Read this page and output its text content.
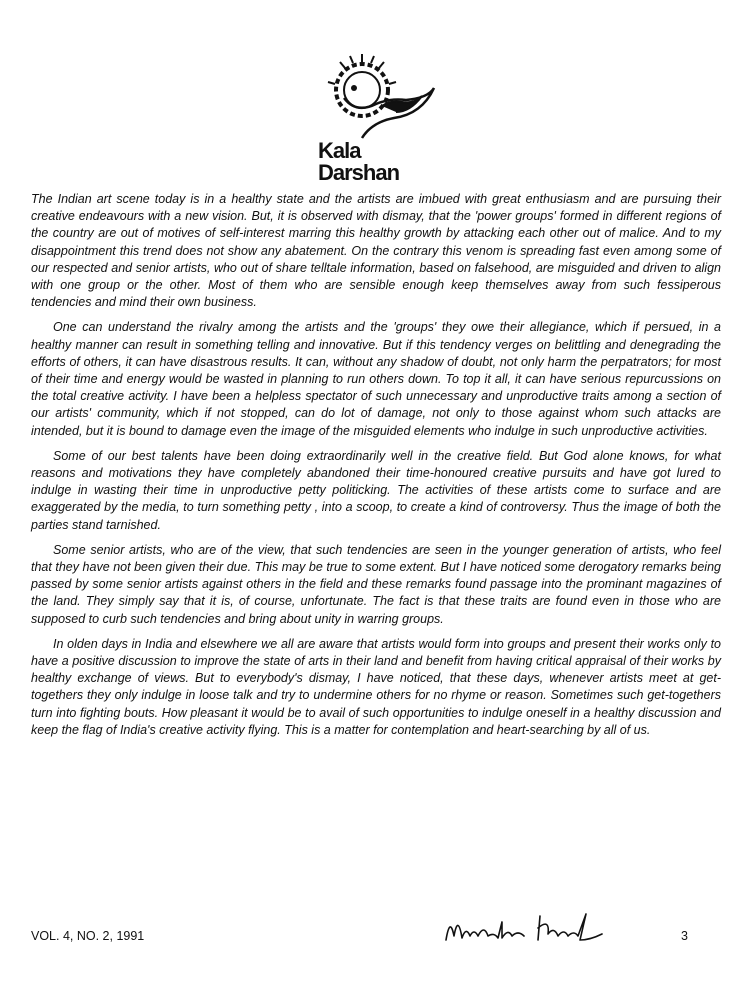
Kala
Darshan

The Indian art scene today is in a healthy state and the artists are imbued with great enthusiasm and are pursuing their creative endeavours with a new vision. But, it is observed with dismay, that the 'power groups' formed in different regions of the country are out of motives of self-interest marring this healthy growth by attacking each other out of malice. And to my disappointment this trend does not show any abatement. On the contrary this venom is spreading fast even among some of our respected and senior artists, who out of share telltale information, based on falsehood, are misguided and driven to align with one group or the other. Most of them who are sensible enough keep themselves away from such fessiperous tendencies and mind their own business.

One can understand the rivalry among the artists and the 'groups' they owe their allegiance, which if persued, in a healthy manner can result in something telling and innovative. But if this tendency verges on belittling and denegrading the efforts of others, it can have disastrous results. It can, without any shadow of doubt, not only harm the perpatrators; for most of their time and energy would be wasted in planning to run others down. To top it all, it can have serious repurcussions on the total creative activity. I have been a helpless spectator of such unnecessary and unproductive traits among a section of our artists' community, which if not stopped, can do lot of damage, not only to those against whom such attacks are intended, but it is bound to damage even the image of the misguided elements who indulge in such unproductive activities.

Some of our best talents have been doing extraordinarily well in the creative field. But God alone knows, for what reasons and motivations they have completely abandoned their time-honoured creative pursuits and have got lured to indulge in wasting their time in unproductive petty politicking. The activities of these artists come to surface and are exaggerated by the media, to turn something petty , into a scoop, to create a kind of controversy. Thus the image of both the parties stand tarnished.

Some senior artists, who are of the view, that such tendencies are seen in the younger generation of artists, who feel that they have not been given their due. This may be true to some extent. But I have noticed some derogatory remarks being passed by some senior artists against others in the field and these remarks found passage into the prominant magazines of the land. They simply say that it is, of course, unfortunate. The fact is that these traits are found even in those who are supposed to curb such tendencies and bring about unity in warring groups.

In olden days in India and elsewhere we all are aware that artists would form into groups and present their works only to have a positive discussion to improve the state of arts in their land and benefit from having critical appraisal of their works by healthy exchange of views. But to everybody's dismay, I have noticed, that these days, whenever artists meet at get-togethers they only indulge in loose talk and try to undermine others for no rhyme or reason. Sometimes such get-togethers turn into fighting bouts. How pleasant it would be to avail of such opportunities to indulge oneself in a healthy discussion and keep the flag of India's creative activity flying. This is a matter for contemplation and heart-searching by all of us.

VOL. 4, NO. 2, 1991	3
